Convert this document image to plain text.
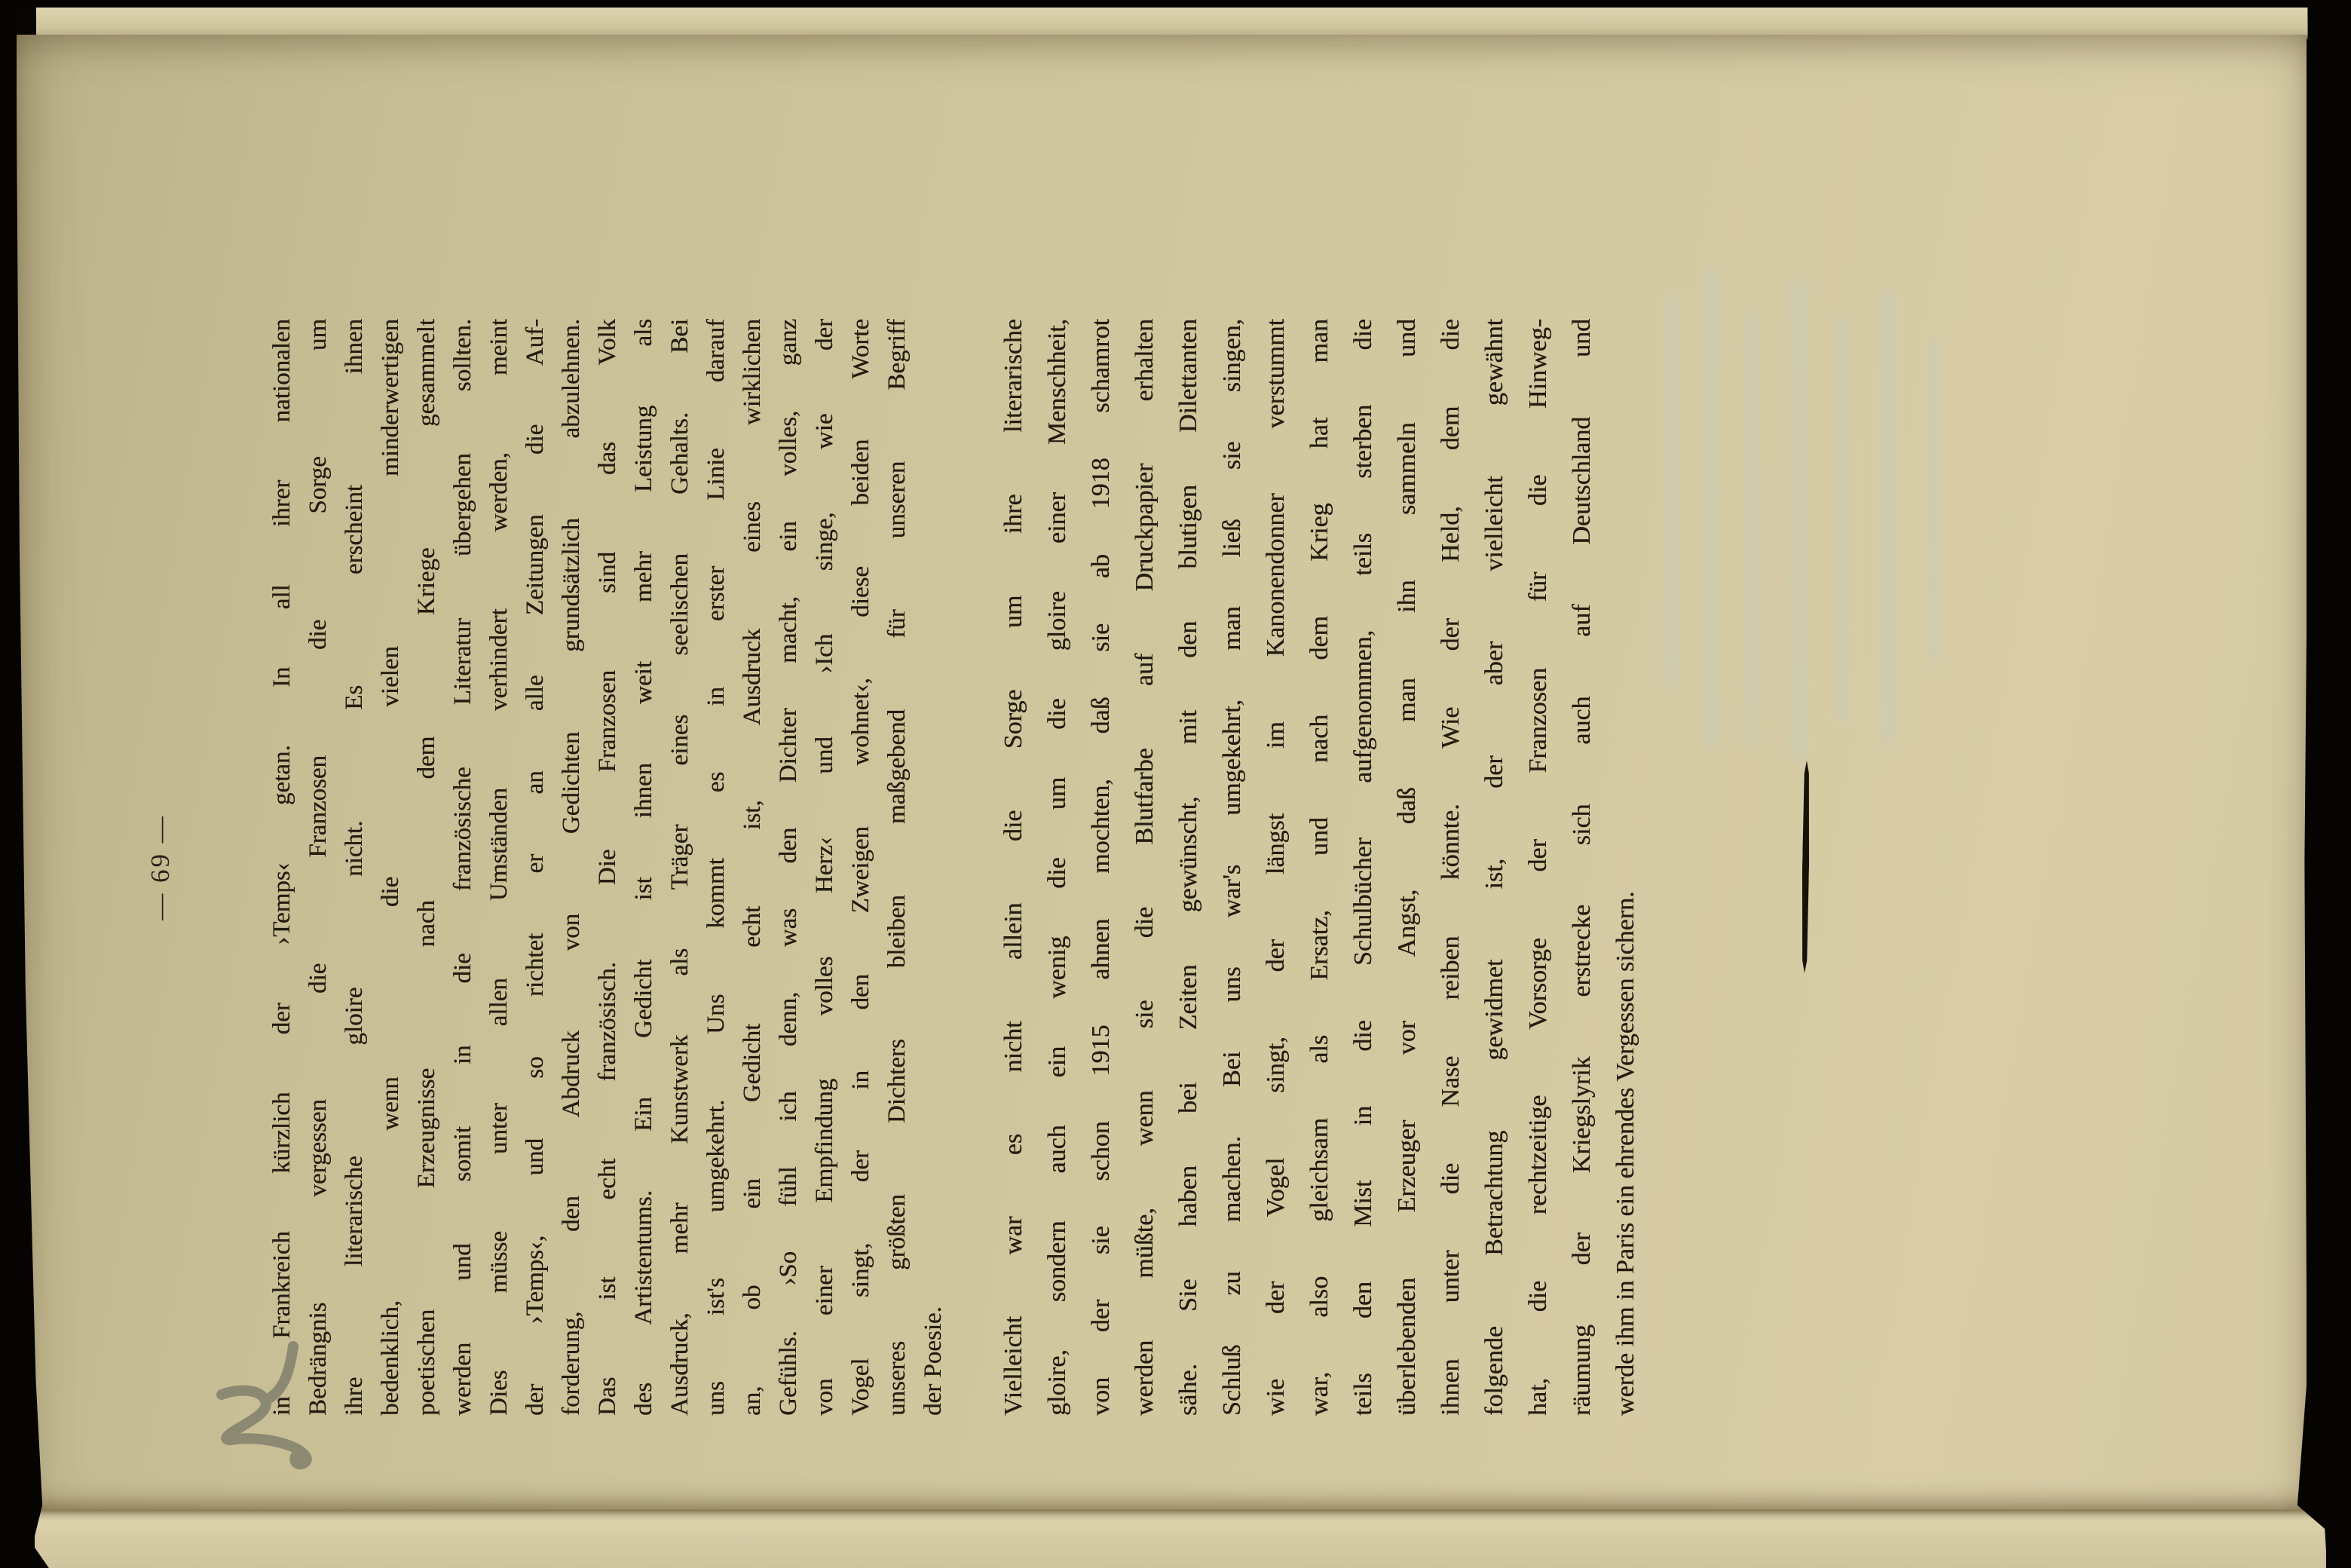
— 69 —	in Frankreich kürzlich der ›Temps‹ getan. In all ihrer nationalen Bedrängnis vergessen die Franzosen die Sorge um ihre literarische gloire nicht. Es erscheint ihnen bedenklich, wenn die vielen minderwertigen poetischen Erzeugnisse nach dem Kriege gesammelt werden und somit in die französische Literatur übergehen sollten. Dies müsse unter allen Umständen verhindert werden, meint der ›Temps‹, und so richtet er an alle Zeitungen die Auf- forderung, den Abdruck von Gedichten grundsätzlich abzulehnen. Das ist echt französisch. Die Franzosen sind das Volk des Artistentums. Ein Gedicht ist ihnen weit mehr Leistung als Ausdruck, mehr Kunstwerk als Träger eines seelischen Gehalts. Bei uns ist's umgekehrt. Uns kommt es in erster Linie darauf an, ob ein Gedicht echt ist, Ausdruck eines wirklichen Gefühls. ›So fühl ich denn, was den Dichter macht, ein volles, ganz von einer Empfindung volles Herz‹ und ›Ich singe, wie der Vogel singt, der in den Zweigen wohnet‹, diese beiden Worte unseres größten Dichters bleiben maßgebend für unseren Begriff der Poesie. Vielleicht war es nicht allein die Sorge um ihre literarische gloire, sondern auch ein wenig die um die gloire einer Menschheit, von der sie schon 1915 ahnen mochten, daß sie ab 1918 schamrot werden müßte, wenn sie die Blutfarbe auf Druckpapier erhalten sähe. Sie haben bei Zeiten gewünscht, mit den blutigen Dilettanten Schluß zu machen. Bei uns war's umgekehrt, man ließ sie singen, wie der Vogel singt, der längst im Kanonendonner verstummt war, also gleichsam als Ersatz, und nach dem Krieg hat man teils den Mist in die Schulbücher aufgenommen, teils sterben die überlebenden Erzeuger vor Angst, daß man ihn sammeln und ihnen unter die Nase reiben könnte. Wie der Held, dem die folgende Betrachtung gewidmet ist, der aber vielleicht gewähnt hat, die rechtzeitige Vorsorge der Franzosen für die Hinweg- räumung der Kriegslyrik erstrecke sich auch auf Deutschland und werde ihm in Paris ein ehrendes Vergessen sichern.
